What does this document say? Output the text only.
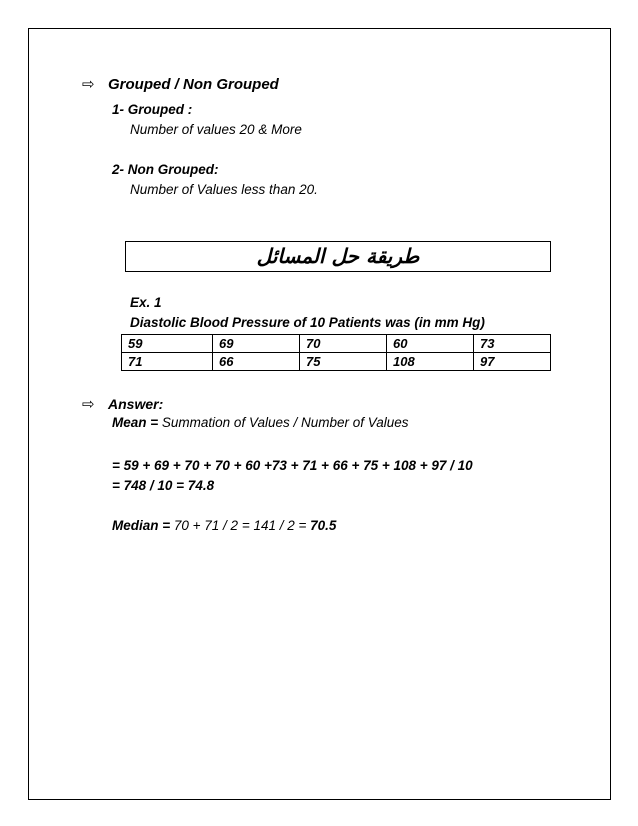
⇨ Grouped / Non Grouped
1- Grouped :
Number of values 20 & More
2- Non Grouped:
Number of Values less than 20.
طريقة حل المسائل
Ex. 1
Diastolic Blood Pressure of 10 Patients was (in mm Hg)
59	69	70	60	73
71	66	75	108	97
⇨ Answer:
Mean = Summation of Values / Number of Values
= 59 + 69 + 70 + 70 + 60 +73 + 71 + 66 + 75 + 108 + 97 / 10
= 748 / 10 = 74.8
Median = 70 + 71 / 2 = 141 / 2 = 70.5
